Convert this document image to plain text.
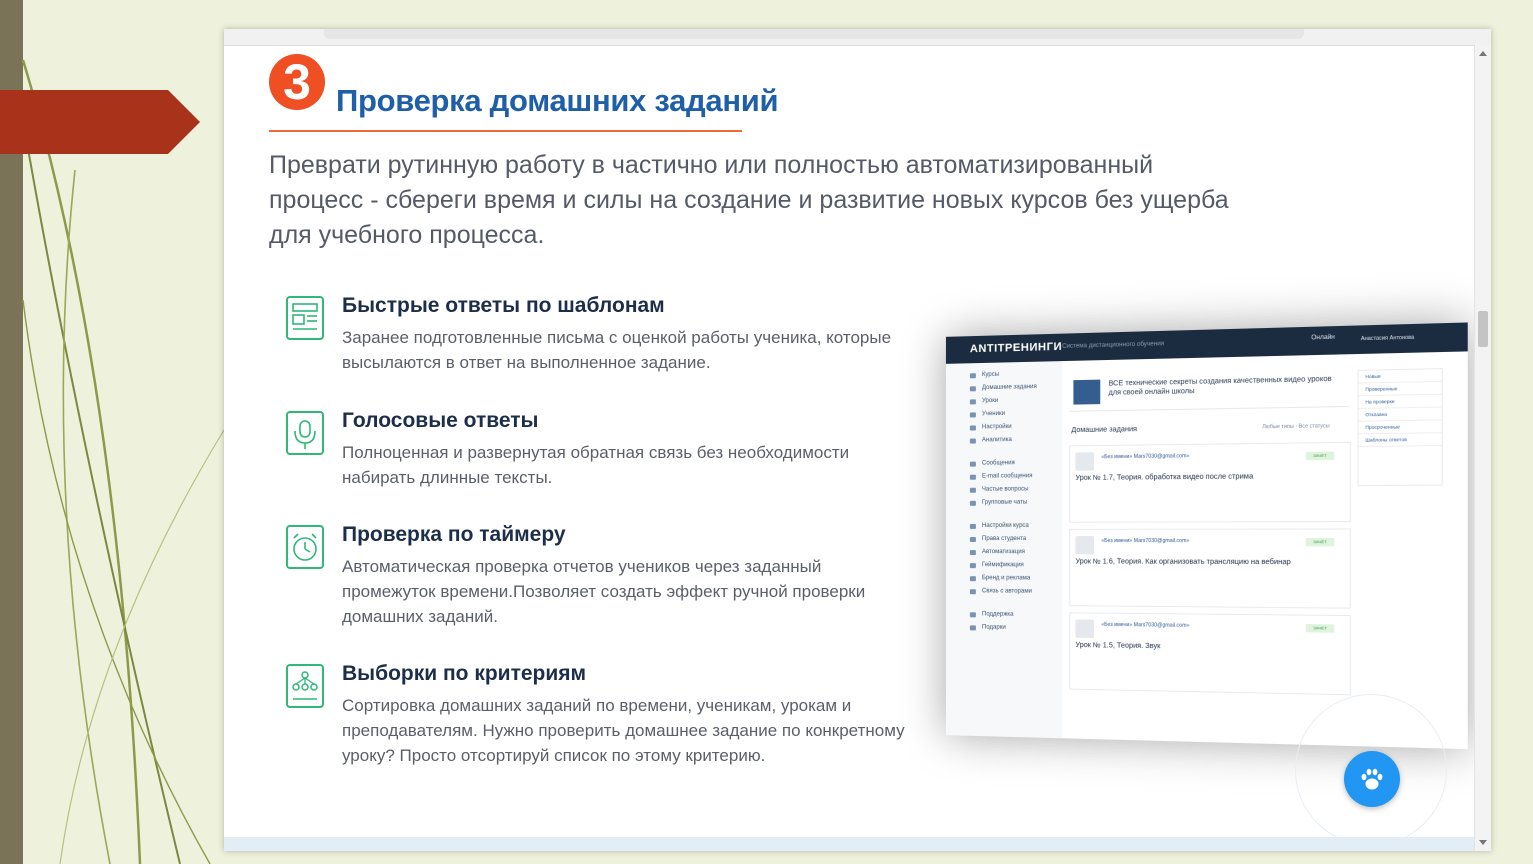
3 Проверка домашних заданий
Преврати рутинную работу в частично или полностью автоматизированный процесс - сбереги время и силы на создание и развитие новых курсов без ущерба для учебного процесса.
Быстрые ответы по шаблонам
Заранее подготовленные письма с оценкой работы ученика, которые высылаются в ответ на выполненное задание.
Голосовые ответы
Полноценная и развернутая обратная связь без необходимости набирать длинные тексты.
Проверка по таймеру
Автоматическая проверка отчетов учеников через заданный промежуток времени.Позволяет создать эффект ручной проверки домашних заданий.
Выборки по критериям
Сортировка домашних заданий по времени, ученикам, урокам и преподавателям. Нужно проверить домашнее задание по конкретному уроку? Просто отсортируй список по этому критерию.
ANTITРЕНИНГИ Система дистанционного обучения
Онлайн	Анастасия Антонова
Курсы
Домашние задания
Уроки
Ученики
Настройки
Аналитика
Сообщения
E-mail сообщения
Частые вопросы
Групповые чаты
Настройки курса
Права студента
Автоматизация
Геймификация
Бренд и реклама
Связь с авторами
Поддержка
Подарки
ВСЕ технические секреты создания качественных видео уроков для своей онлайн школы
Домашние задания	Любые типы · Все статусы
«Без имени» Mars7030@gmail.com»	ЗАЧЁТ
Урок № 1.7, Теория. обработка видео после стрима
«Без имени» Mars7030@gmail.com»	ЗАЧЁТ
Урок № 1.6, Теория. Как организовать трансляцию на вебинар
«Без имени» Mars7030@gmail.com»	ЗАЧЁТ
Урок № 1.5, Теория. Звук
Новые
Проверенные
На проверке
Отказано
Просроченные
Шаблоны ответов
